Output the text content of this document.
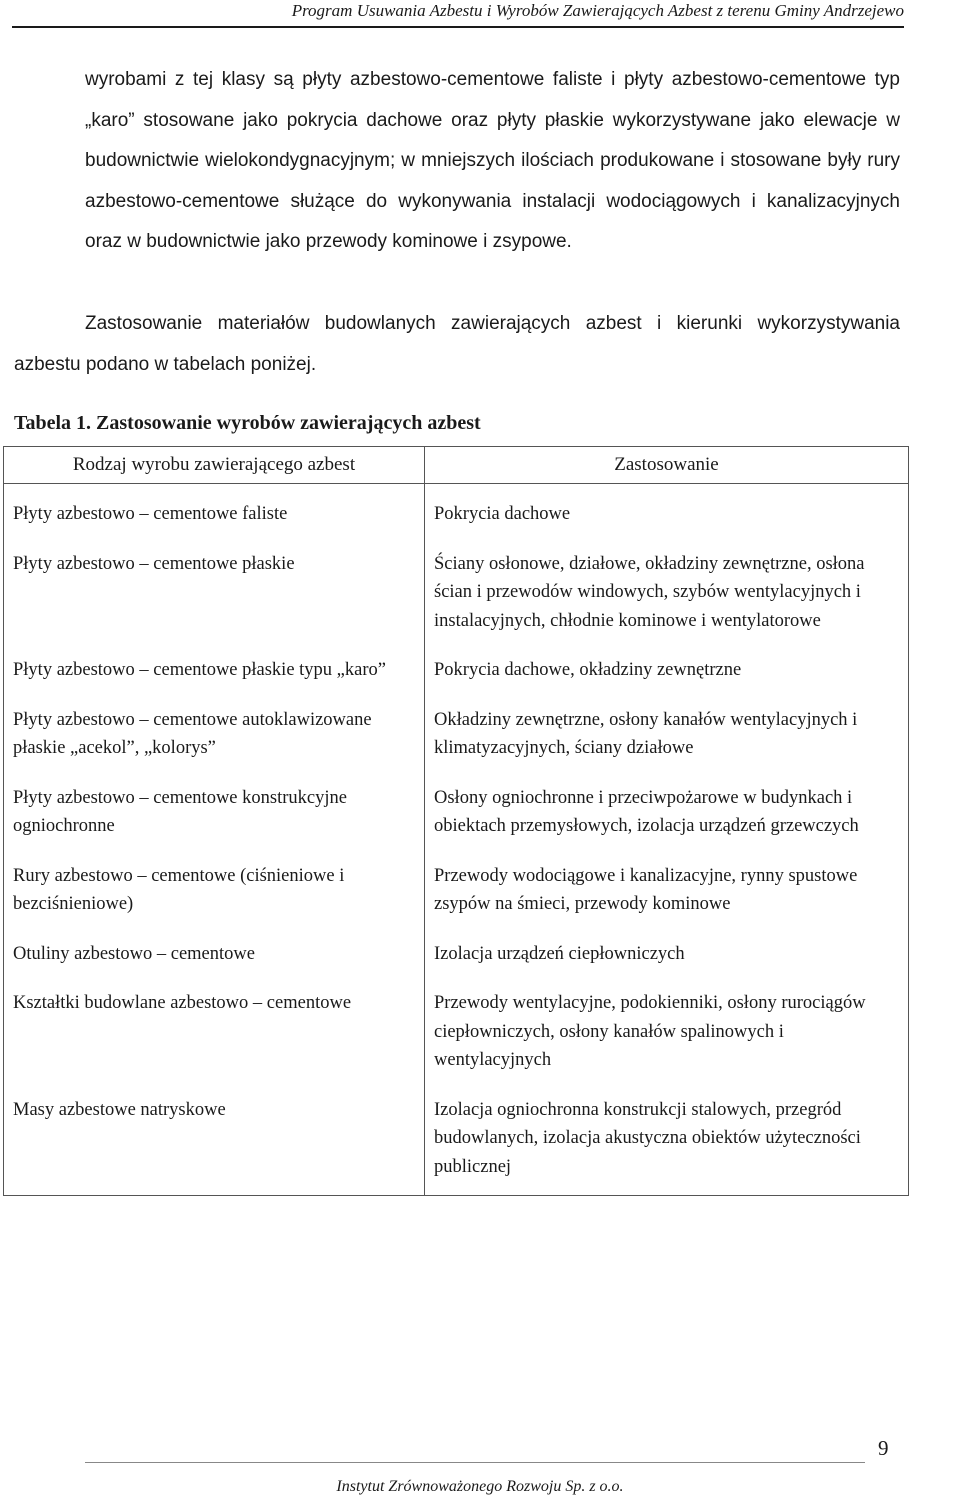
Program Usuwania Azbestu i Wyrobów Zawierających Azbest z terenu Gminy Andrzejewo

wyrobami z tej klasy są płyty azbestowo-cementowe faliste i płyty azbestowo-cementowe typ „karo” stosowane jako pokrycia dachowe oraz płyty płaskie wykorzystywane jako elewacje w budownictwie wielokondygnacyjnym; w mniejszych ilościach produkowane i stosowane były rury azbestowo-cementowe służące do wykonywania instalacji wodociągowych i kanalizacyjnych oraz w budownictwie jako przewody kominowe i zsypowe.

Zastosowanie materiałów budowlanych zawierających azbest i kierunki wykorzystywania azbestu podano w tabelach poniżej.

Tabela 1. Zastosowanie wyrobów zawierających azbest
Rodzaj wyrobu zawierającego azbest	Zastosowanie
Płyty azbestowo – cementowe faliste	Pokrycia dachowe
Płyty azbestowo – cementowe płaskie	Ściany osłonowe, działowe, okładziny zewnętrzne, osłona ścian i przewodów windowych, szybów wentylacyjnych i instalacyjnych, chłodnie kominowe i wentylatorowe
Płyty azbestowo – cementowe płaskie typu „karo”	Pokrycia dachowe, okładziny zewnętrzne
Płyty azbestowo – cementowe autoklawizowane płaskie „acekol”, „kolorys”	Okładziny zewnętrzne, osłony kanałów wentylacyjnych i klimatyzacyjnych, ściany działowe
Płyty azbestowo – cementowe konstrukcyjne ogniochronne	Osłony ogniochronne i przeciwpożarowe w budynkach i obiektach przemysłowych, izolacja urządzeń grzewczych
Rury azbestowo – cementowe (ciśnieniowe i bezciśnieniowe)	Przewody wodociągowe i kanalizacyjne, rynny spustowe zsypów na śmieci, przewody kominowe
Otuliny azbestowo – cementowe	Izolacja urządzeń ciepłowniczych
Kształtki budowlane azbestowo – cementowe	Przewody wentylacyjne, podokienniki, osłony rurociągów ciepłowniczych, osłony kanałów spalinowych i wentylacyjnych
Masy azbestowe natryskowe	Izolacja ogniochronna konstrukcji stalowych, przegród budowlanych, izolacja akustyczna obiektów użyteczności publicznej
9
Instytut Zrównoważonego Rozwoju Sp. z o.o.
